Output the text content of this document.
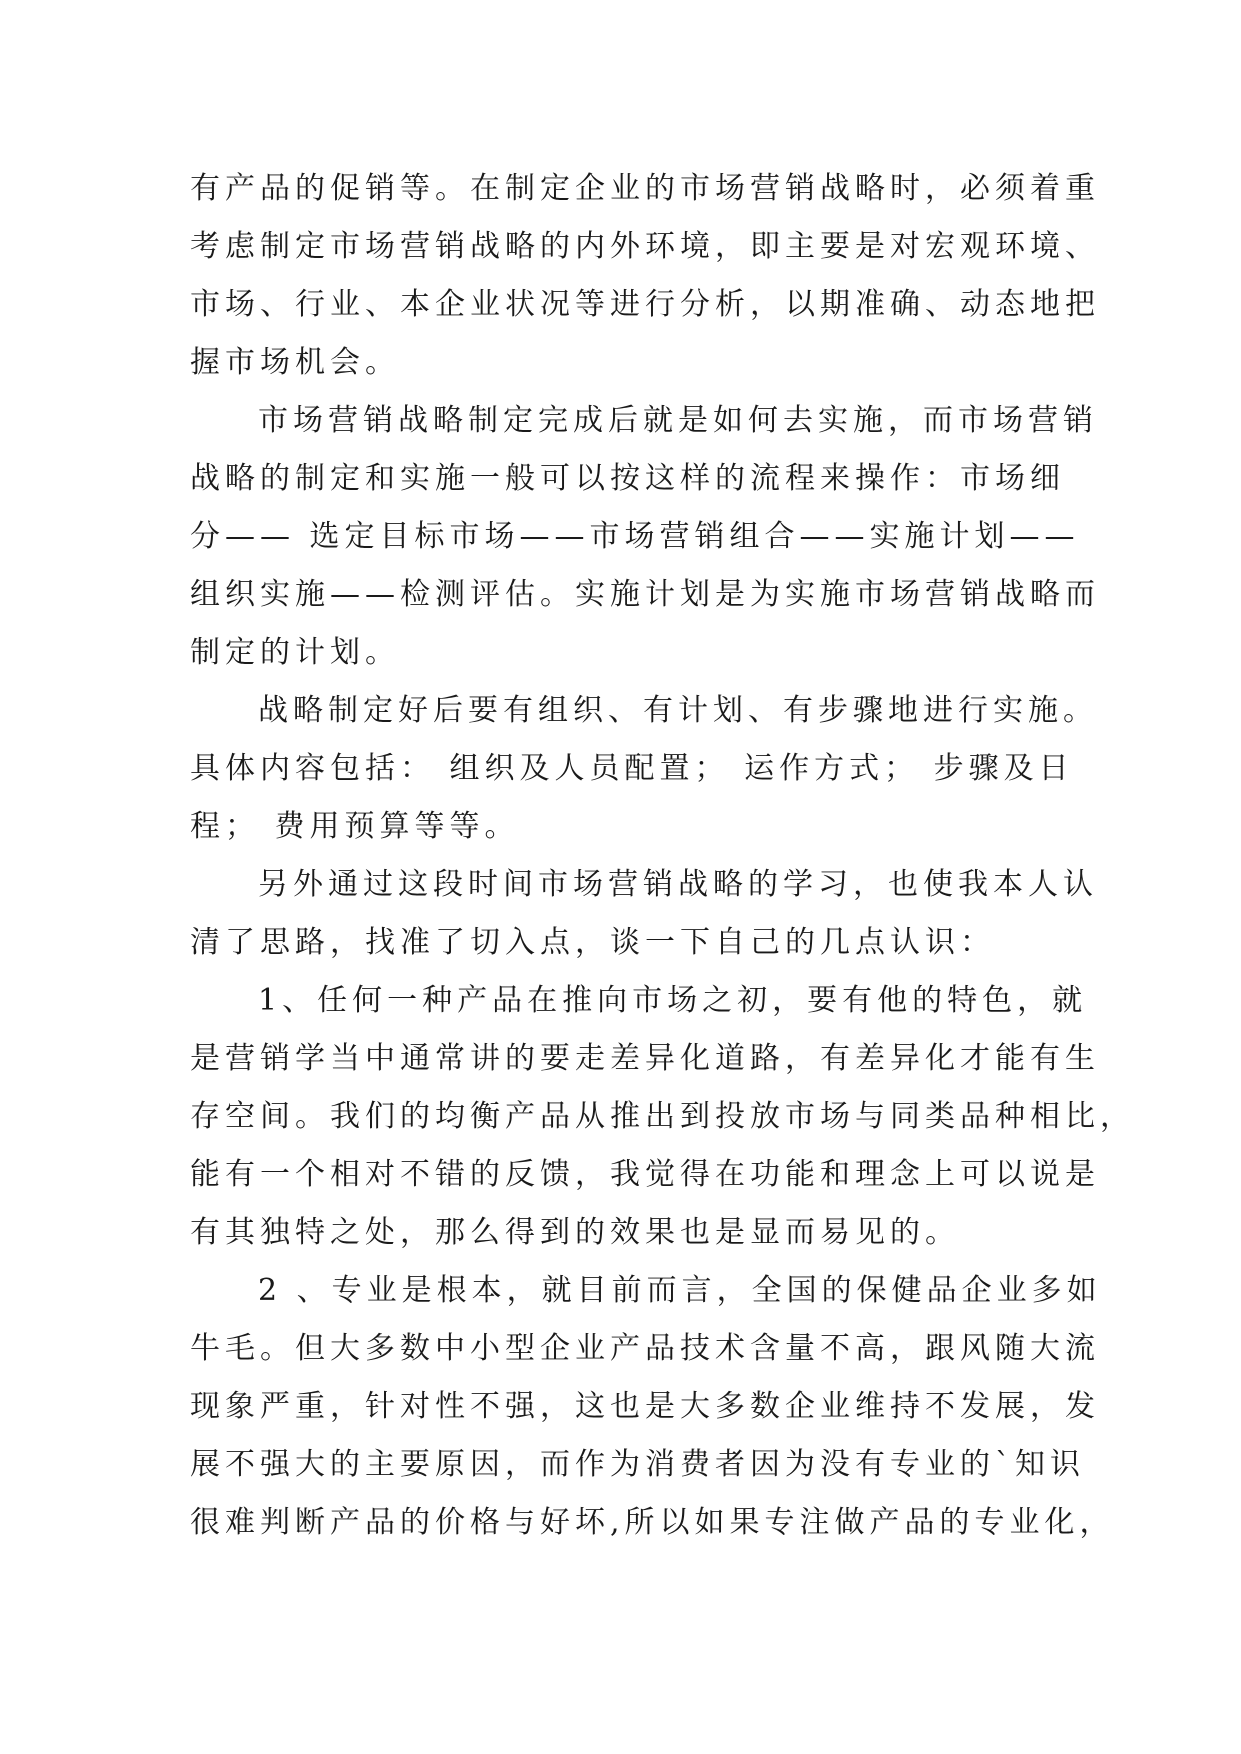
有产品的促销等。在制定企业的市场营销战略时，必须着重
考虑制定市场营销战略的内外环境，即主要是对宏观环境、
市场、行业、本企业状况等进行分析，以期准确、动态地把
握市场机会。
市场营销战略制定完成后就是如何去实施，而市场营销
战略的制定和实施一般可以按这样的流程来操作：市场细
分—— 选定目标市场——市场营销组合——实施计划——
组织实施——检测评估。实施计划是为实施市场营销战略而
制定的计划。
战略制定好后要有组织、有计划、有步骤地进行实施。
具体内容包括： 组织及人员配置； 运作方式； 步骤及日
程； 费用预算等等。
另外通过这段时间市场营销战略的学习，也使我本人认
清了思路，找准了切入点，谈一下自己的几点认识：
1、任何一种产品在推向市场之初，要有他的特色，就
是营销学当中通常讲的要走差异化道路，有差异化才能有生
存空间。我们的均衡产品从推出到投放市场与同类品种相比，
能有一个相对不错的反馈，我觉得在功能和理念上可以说是
有其独特之处，那么得到的效果也是显而易见的。
2 、专业是根本，就目前而言，全国的保健品企业多如
牛毛。但大多数中小型企业产品技术含量不高，跟风随大流
现象严重，针对性不强，这也是大多数企业维持不发展，发
展不强大的主要原因，而作为消费者因为没有专业的`知识
很难判断产品的价格与好坏,所以如果专注做产品的专业化，
